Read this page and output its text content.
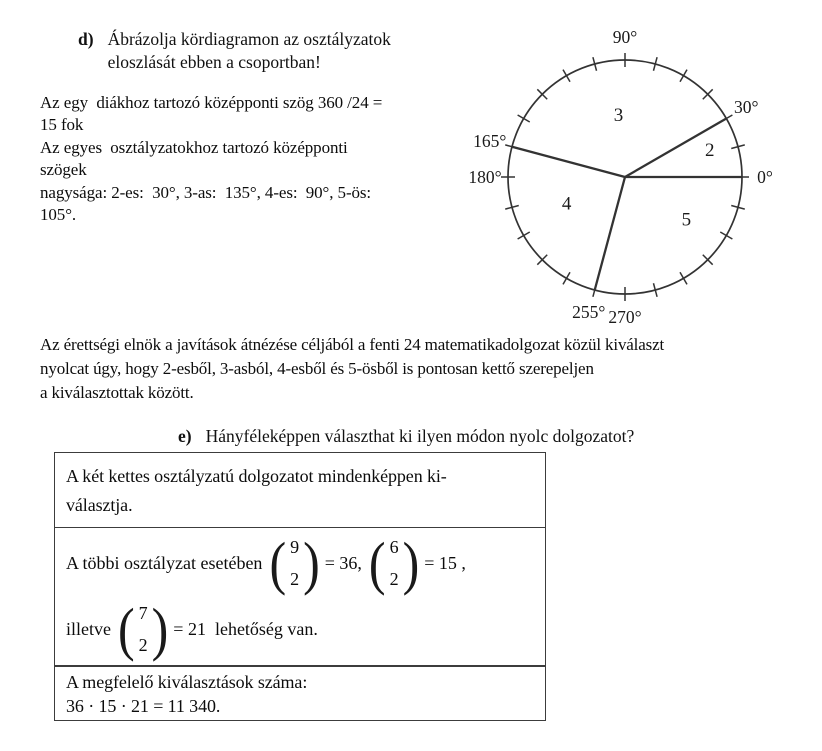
d) Ábrázolja kördiagramon az osztályzatok
eloszlását ebben a csoportban!
Az egy  diákhoz tartozó középponti szög 360 /24 =
15 fok
Az egyes  osztályzatokhoz tartozó középponti
szögek
nagysága: 2-es:  30°, 3-as:  135°, 4-es:  90°, 5-ös:
105°.
2
3
4
5
0°
30°
90°
165°
180°
255° 270°
Az érettségi elnök a javítások átnézése céljából a fenti 24 matematikadolgozat közül kiválaszt
nyolcat úgy, hogy 2-esből, 3-asból, 4-esből és 5-ösből is pontosan kettő szerepeljen
a kiválasztottak között.
e) Hányféleképpen választhat ki ilyen módon nyolc dolgozatot?
A két kettes osztályzatú dolgozatot mindenképpen ki-
választja.
A többi osztályzat esetében ( 9
2 ) = 36, ( 6
2 ) = 15 ,
illetve ( 7
2 ) = 21  lehetőség van.
A megfelelő kiválasztások száma:
36 · 15 · 21 = 11 340.
